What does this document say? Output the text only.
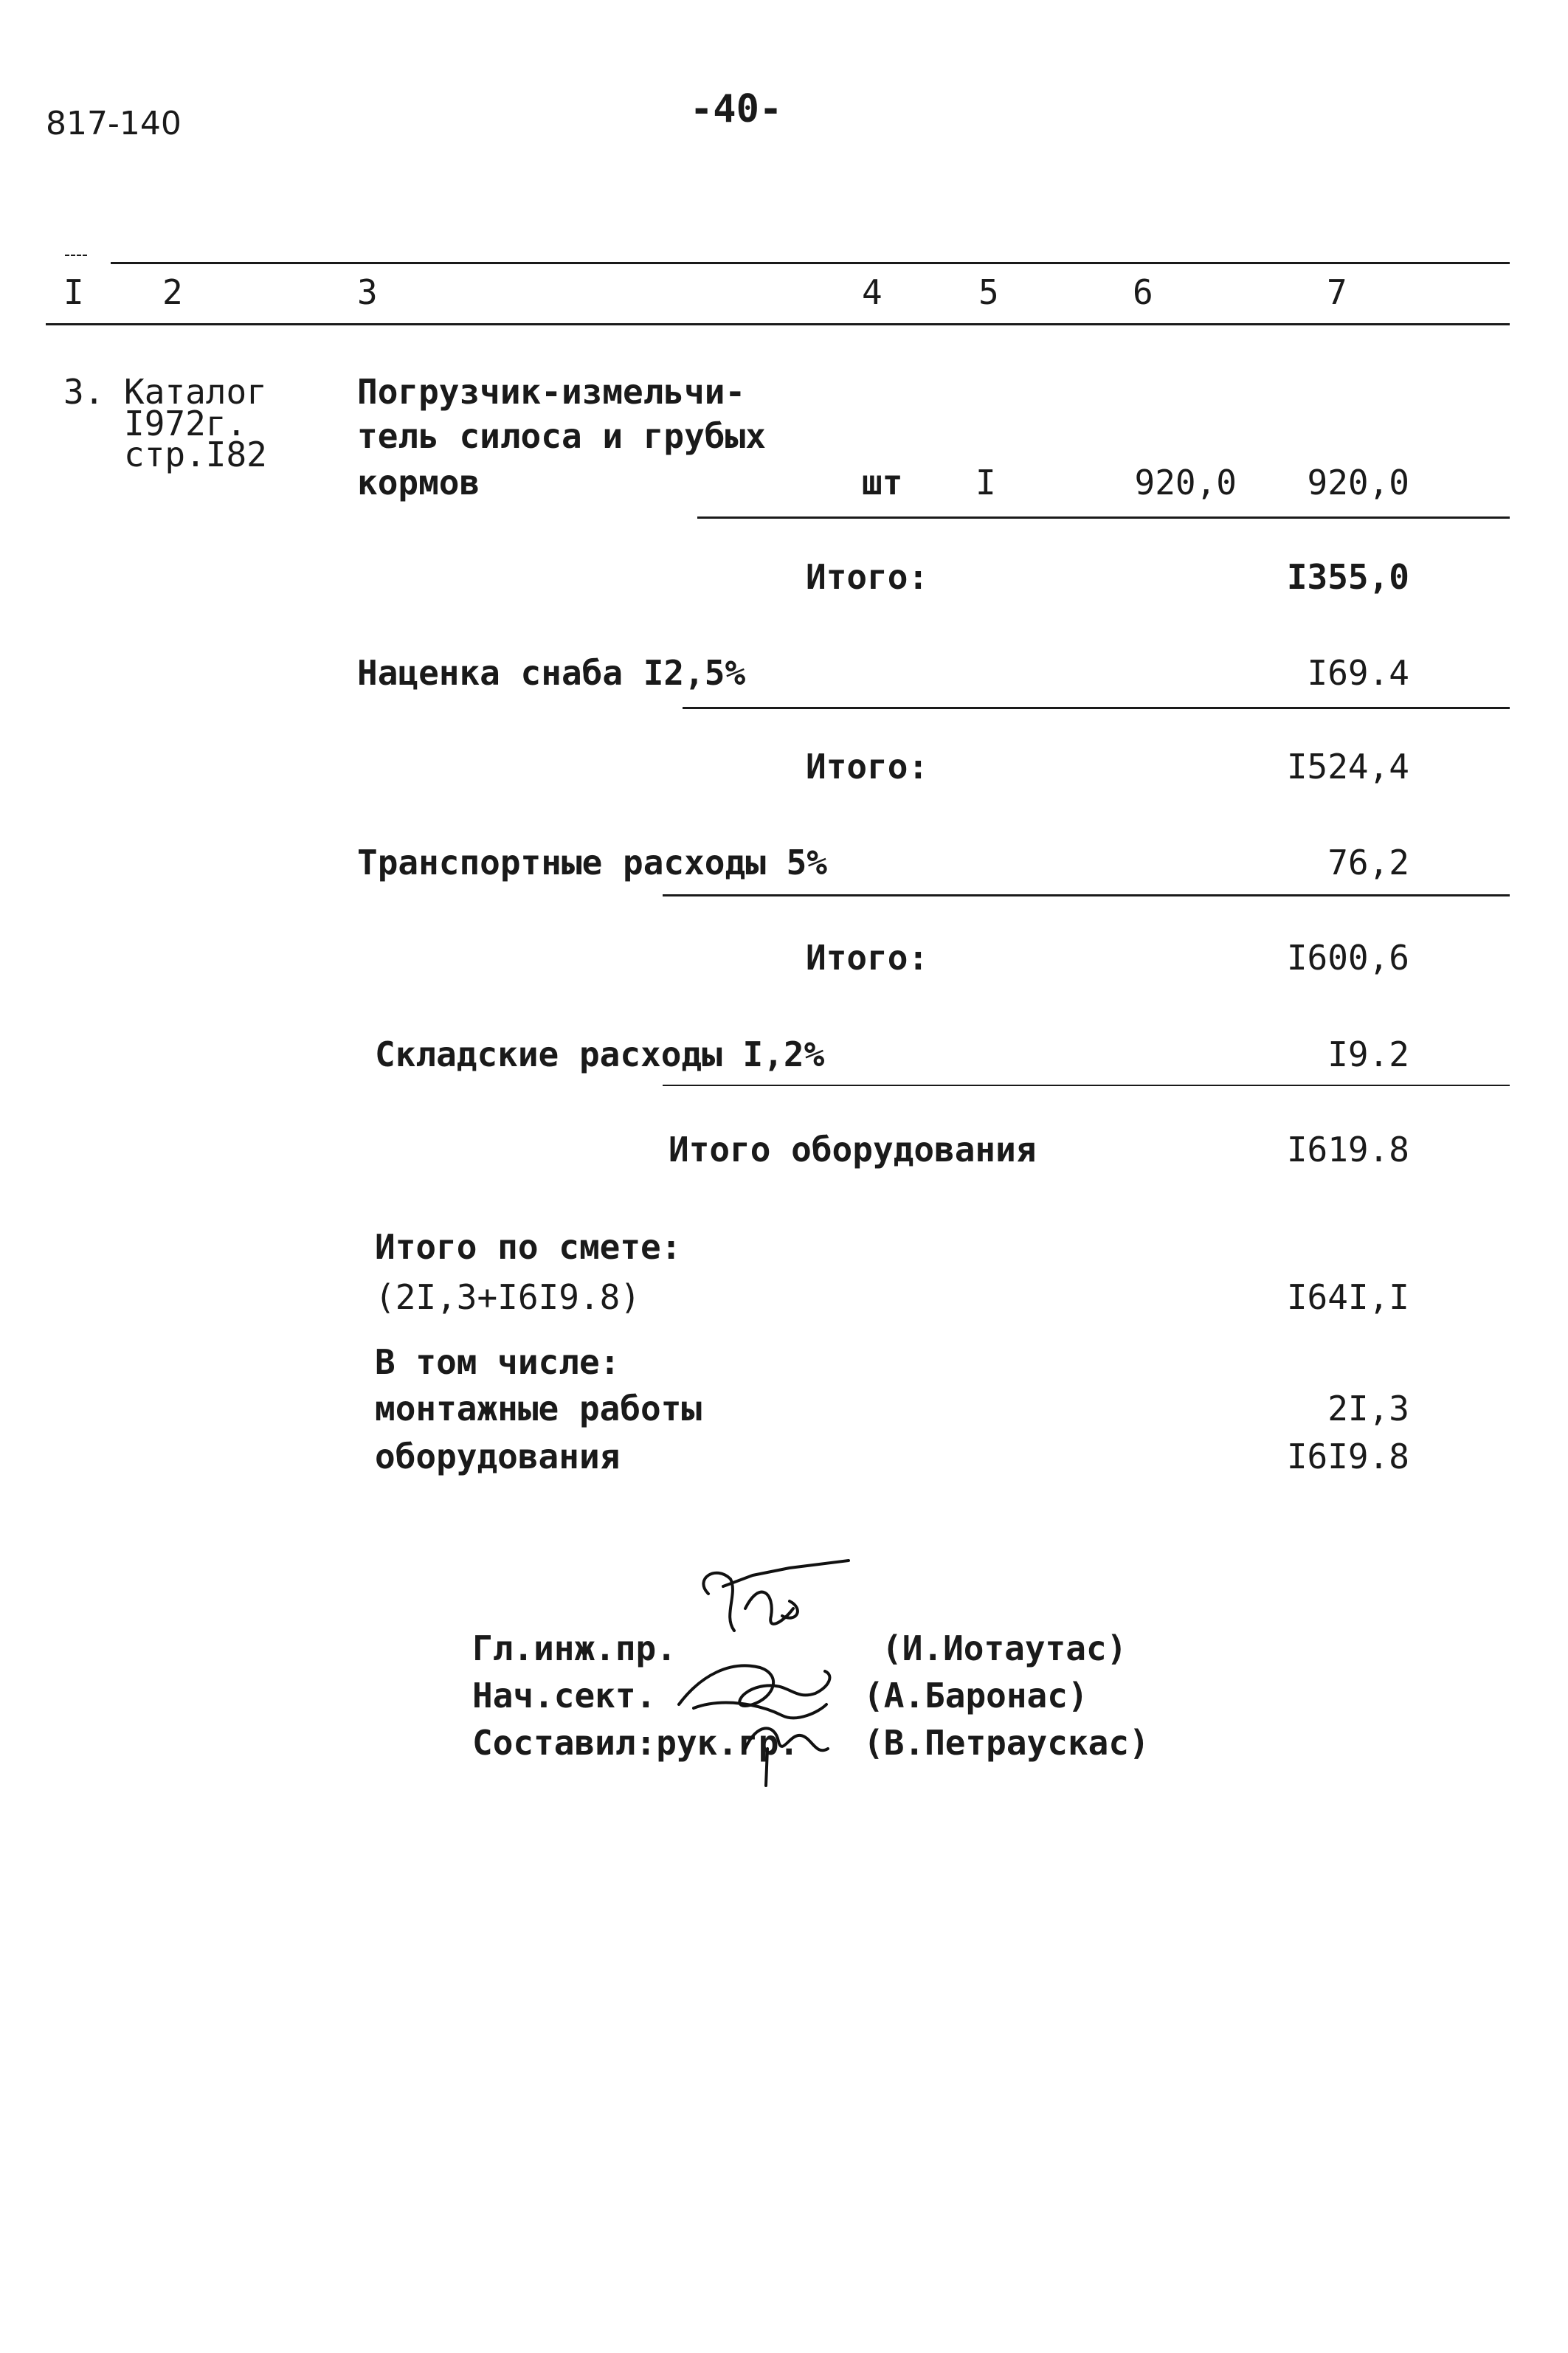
817-140	-40-
I 2	3	4	5	6	7
3. Каталог
I972г.
стр.I82
Погрузчик-измельчи-
тель силоса и грубых
кормов	шт I	920,0	920,0
Итого:	I355,0
Наценка снаба I2,5%	I69.4
Итого:	I524,4
Транспортные расходы 5%	76,2
Итого:	I600,6
Складские расходы I,2%	I9.2
Итого оборудования	I619.8
Итого по смете:
(2I,3+I6I9.8)	I64I,I
В том числе:
монтажные работы	2I,3
оборудования	I6I9.8
Гл.инж.пр.	(И.Иотаутас)
Нач.сект.	(А.Баронас)
Составил:рук.гр. (В.Петраускас)
